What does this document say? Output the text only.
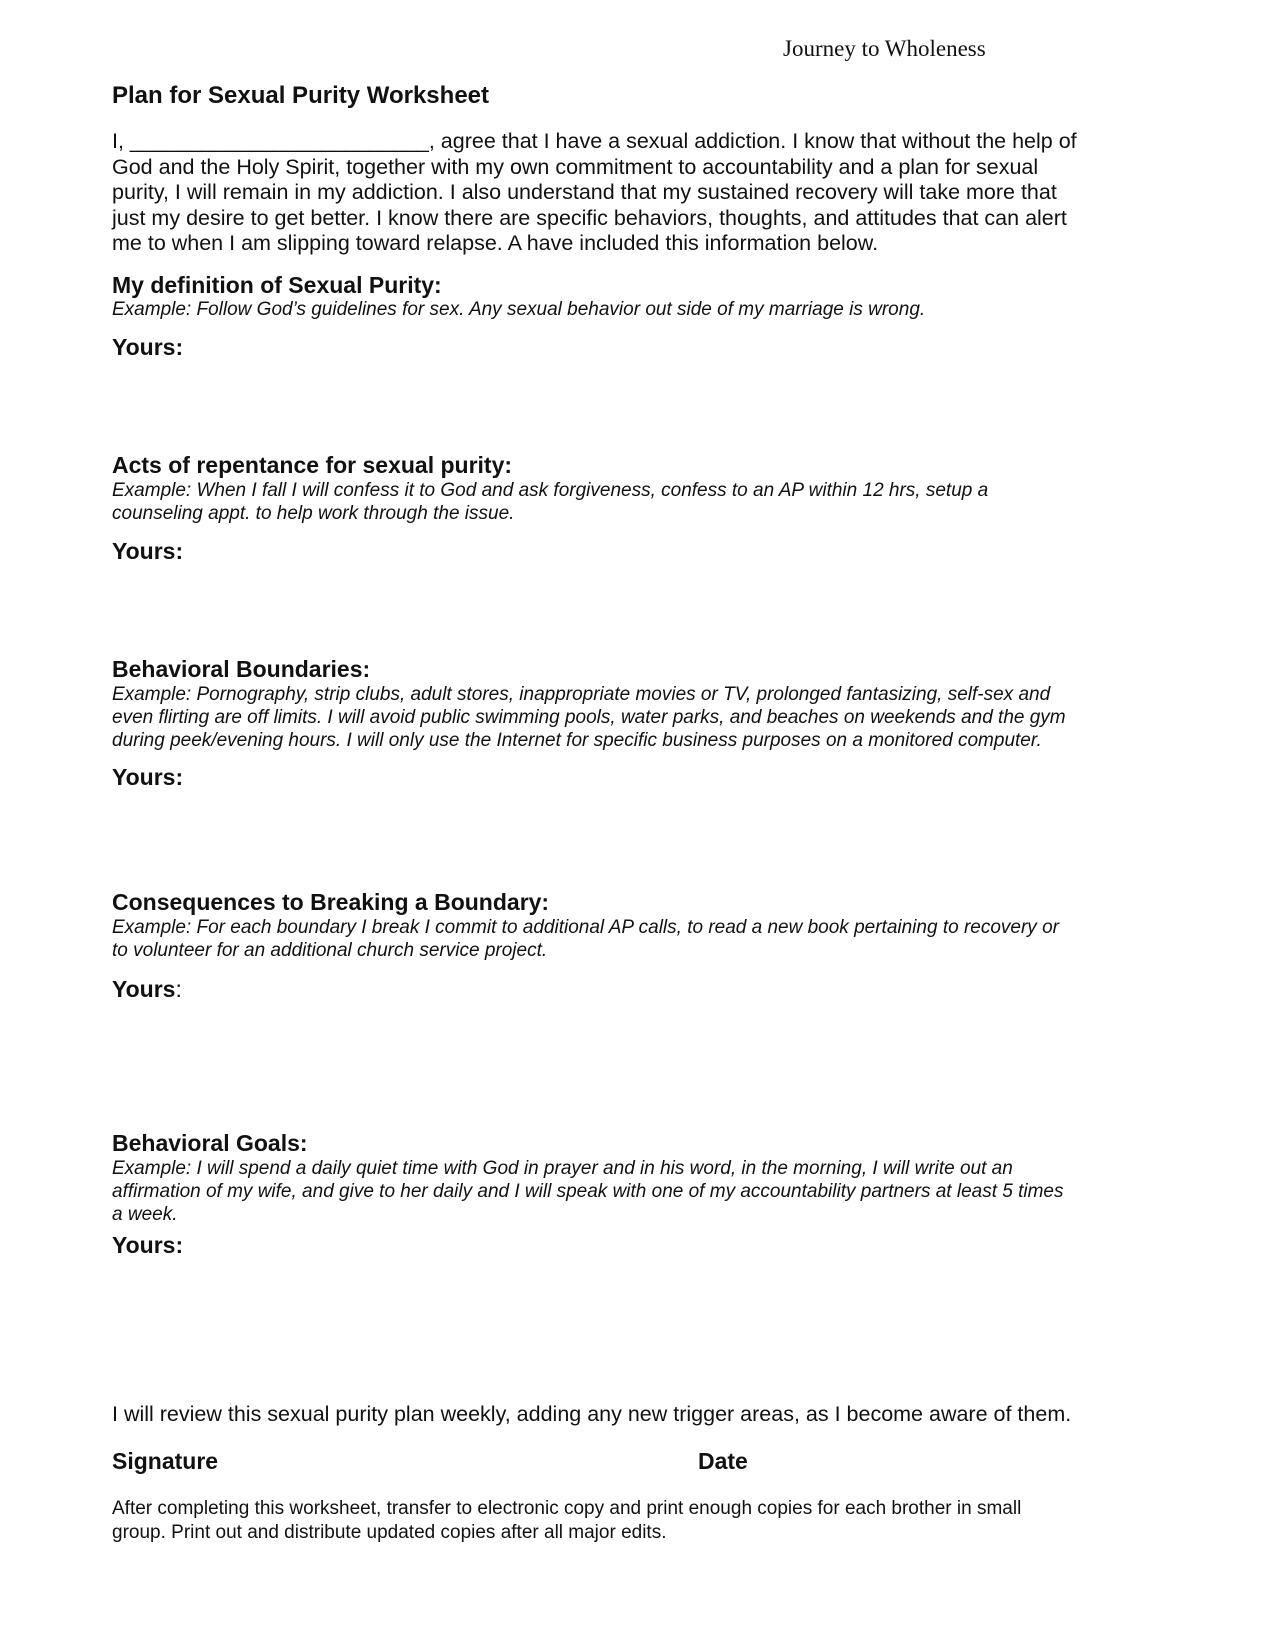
Journey to Wholeness
Plan for Sexual Purity Worksheet
I, _________________________, agree that I have a sexual addiction. I know that without the help of
God and the Holy Spirit, together with my own commitment to accountability and a plan for sexual
purity, I will remain in my addiction. I also understand that my sustained recovery will take more that
just my desire to get better. I know there are specific behaviors, thoughts, and attitudes that can alert
me to when I am slipping toward relapse. A have included this information below.
My definition of Sexual Purity:
Example: Follow God’s guidelines for sex. Any sexual behavior out side of my marriage is wrong.
Yours:
Acts of repentance for sexual purity:
Example: When I fall I will confess it to God and ask forgiveness, confess to an AP within 12 hrs, setup a
counseling appt. to help work through the issue.
Yours:
Behavioral Boundaries:
Example: Pornography, strip clubs, adult stores, inappropriate movies or TV, prolonged fantasizing, self-sex and
even flirting are off limits. I will avoid public swimming pools, water parks, and beaches on weekends and the gym
during peek/evening hours. I will only use the Internet for specific business purposes on a monitored computer.
Yours:
Consequences to Breaking a Boundary:
Example: For each boundary I break I commit to additional AP calls, to read a new book pertaining to recovery or
to volunteer for an additional church service project.
Yours:
Behavioral Goals:
Example: I will spend a daily quiet time with God in prayer and in his word, in the morning, I will write out an
affirmation of my wife, and give to her daily and I will speak with one of my accountability partners at least 5 times
a week.
Yours:
I will review this sexual purity plan weekly, adding any new trigger areas, as I become aware of them.
Signature	Date
After completing this worksheet, transfer to electronic copy and print enough copies for each brother in small
group. Print out and distribute updated copies after all major edits.
